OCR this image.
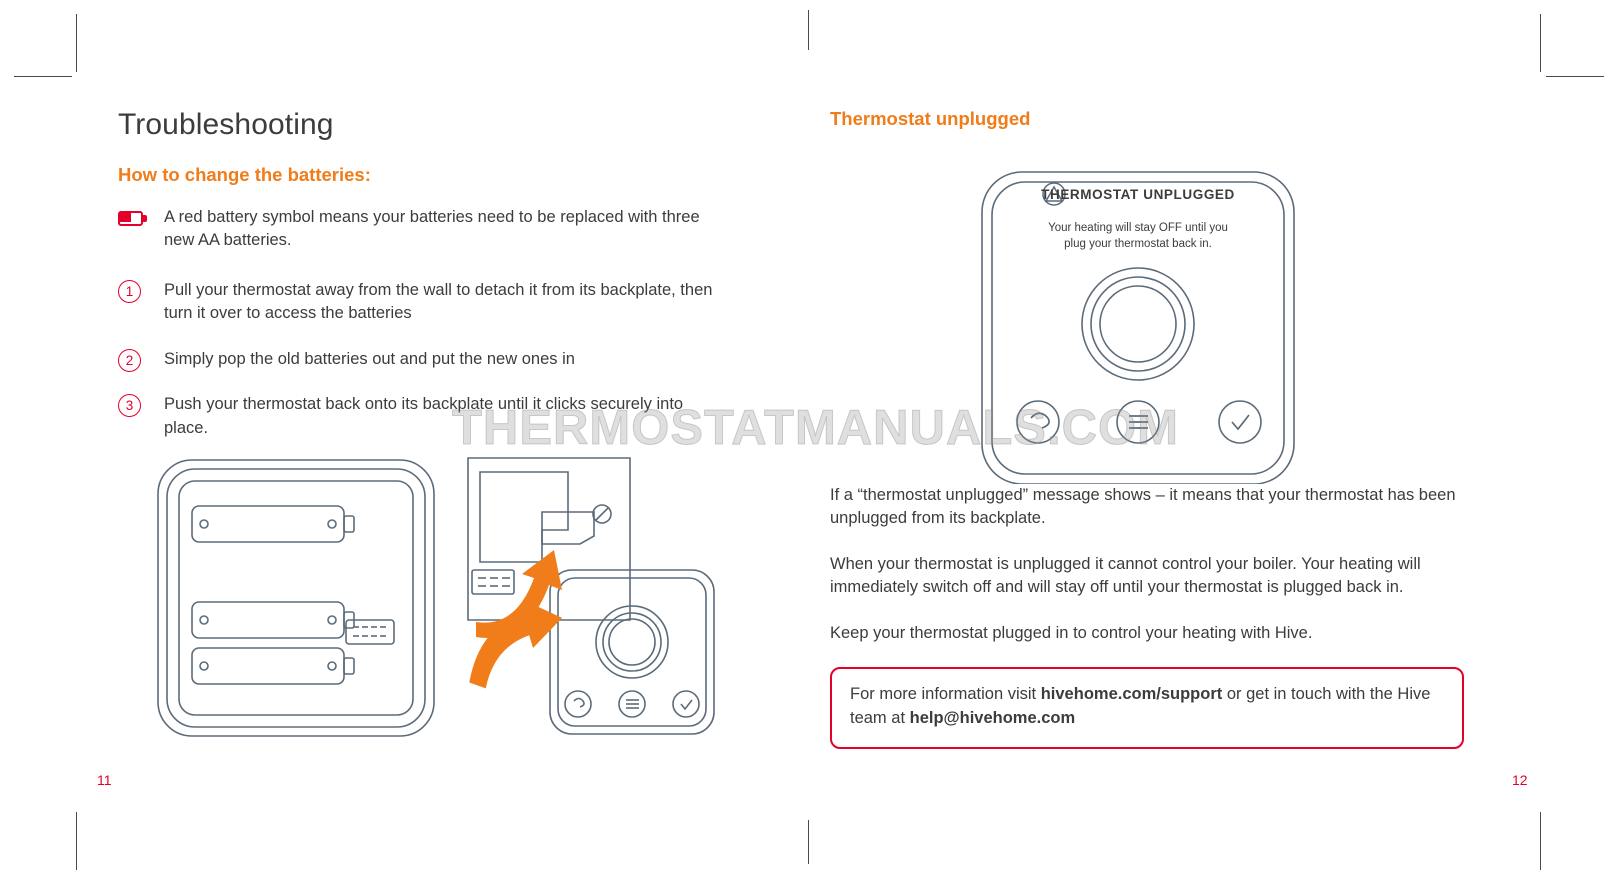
Troubleshooting
How to change the batteries:
A red battery symbol means your batteries need to be replaced with three new AA batteries.
1	Pull your thermostat away from the wall to detach it from its backplate, then turn it over to access the batteries
2	Simply pop the old batteries out and put the new ones in
3	Push your thermostat back onto its backplate until it clicks securely into place.
11
Thermostat unplugged
THERMOSTAT UNPLUGGED
Your heating will stay OFF until you
plug your thermostat back in.

If a “thermostat unplugged” message shows – it means that your thermostat has been unplugged from its backplate.

When your thermostat is unplugged it cannot control your boiler. Your heating will immediately switch off and will stay off until your thermostat is plugged back in.

Keep your thermostat plugged in to control your heating with Hive.

For more information visit hivehome.com/support or get in touch with the Hive team at help@hivehome.com
12
THERMOSTATMANUALS.COM
